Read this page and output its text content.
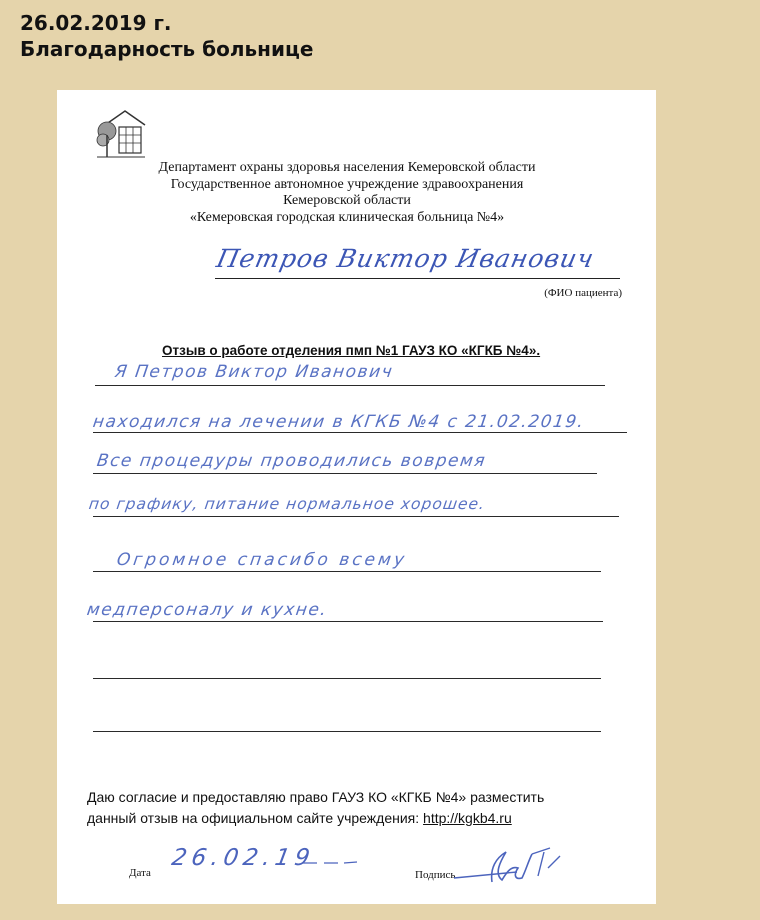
26.02.2019 г.
Благодарность больнице
Департамент охраны здоровья населения Кемеровской области
Государственное автономное учреждение здравоохранения
Кемеровской области
«Кемеровская городская клиническая больница №4»
Петров Виктор Иванович
(ФИО пациента)
Отзыв о работе отделения пмп №1 ГАУЗ КО «КГКБ №4».
Я Петров Виктор Иванович
находился на лечении в КГКБ №4 с 21.02.2019.
Все процедуры проводились вовремя
по графику, питание нормальное хорошее.
Огромное спасибо всему
медперсоналу и кухне.
Даю согласие и предоставляю право ГАУЗ КО «КГКБ №4» разместить
данный отзыв на официальном сайте учреждения: http://kgkb4.ru
Дата
26.02.19
Подпись
